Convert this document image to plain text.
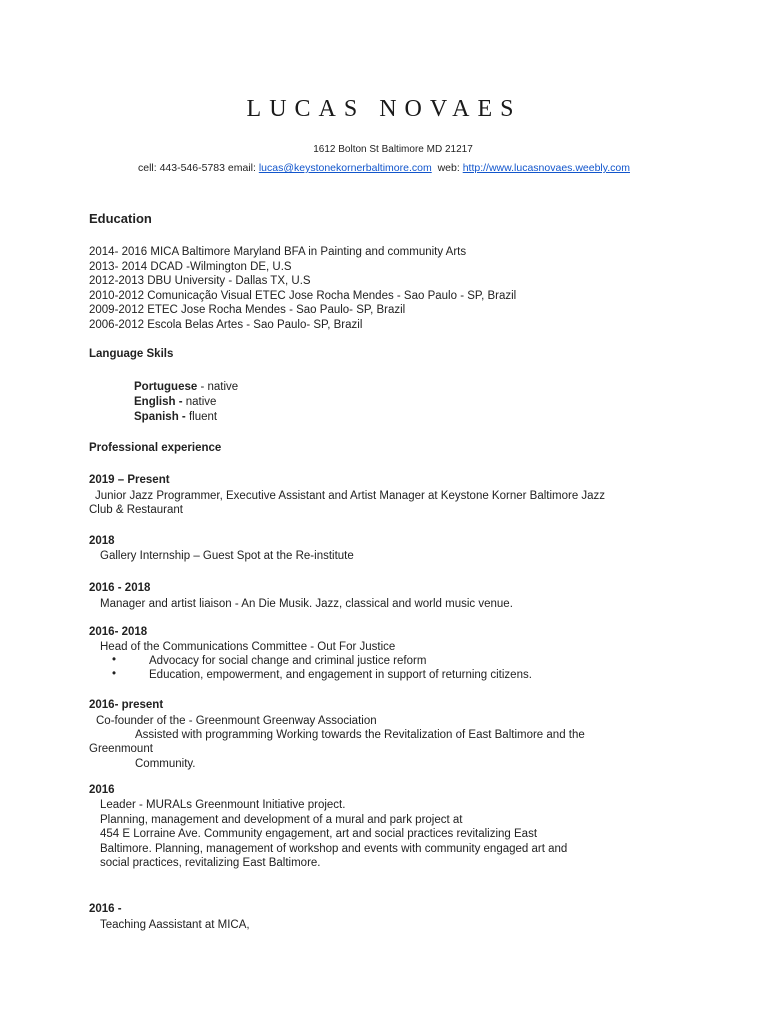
LUCAS NOVAES
1612 Bolton St Baltimore MD 21217
cell: 443-546-5783 email: lucas@keystonekornerbaltimore.com web: http://www.lucasnovaes.weebly.com
Education
2014- 2016 MICA Baltimore Maryland BFA in Painting and community Arts
2013- 2014 DCAD -Wilmington DE, U.S
2012-2013 DBU University - Dallas TX, U.S
2010-2012 Comunicação Visual ETEC Jose Rocha Mendes - Sao Paulo - SP, Brazil
2009-2012 ETEC Jose Rocha Mendes - Sao Paulo- SP, Brazil
2006-2012 Escola Belas Artes - Sao Paulo- SP, Brazil
Language Skils
Portuguese - native
English - native
Spanish - fluent
Professional experience
2019 – Present
Junior Jazz Programmer, Executive Assistant and Artist Manager at Keystone Korner Baltimore Jazz
Club & Restaurant
2018
Gallery Internship – Guest Spot at the Re-institute
2016 - 2018
Manager and artist liaison - An Die Musik. Jazz, classical and world music venue.
2016- 2018
Head of the Communications Committee - Out For Justice
•	Advocacy for social change and criminal justice reform
•	Education, empowerment, and engagement in support of returning citizens.
2016- present
Co-founder of the - Greenmount Greenway Association
Assisted with programming Working towards the Revitalization of East Baltimore and the
Greenmount
Community.
2016
Leader - MURALs Greenmount Initiative project.
Planning, management and development of a mural and park project at
454 E Lorraine Ave. Community engagement, art and social practices revitalizing East
Baltimore. Planning, management of workshop and events with community engaged art and
social practices, revitalizing East Baltimore.
2016 -
Teaching Aassistant at MICA,
